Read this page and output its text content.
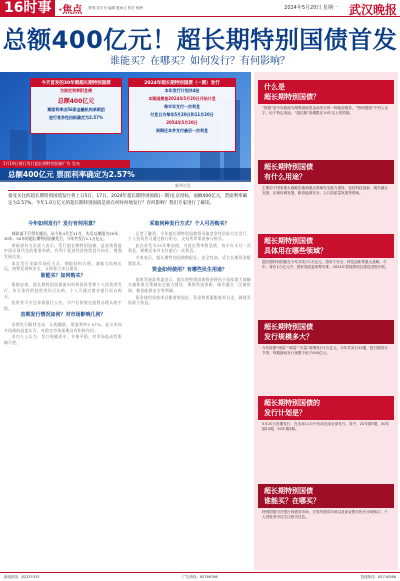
16时事 ·焦点 策划 刘宇舟 编辑 夏雨文 校对 杨洲	2024年5月20日 星期一 武汉晚报
总额400亿元！超长期特别国债首发
谁能买？在哪买？如何发行？有何影响？
今天首发的30年期超长期特别国债
为固定利率附息债
总额400亿元
票面利率由56家金融机构承销团
进行竞争性招标确定为2.57%
2024年超长期特别国债（一期）发行
本年发行计划共4批
本期国债是2024年5月20日开始计息
每半年支付一次利息
付息日为每年5月20日和11月20日
2054年5月20日
到期还本并支付最后一次利息
1月19日银行发行超长期特别国债广告 发布
总额400亿元 票面利率确定为2.57%
新华社发
备受关注的超长期特别国债发行将上日5日，17日，2024年超长期特别国债(一期)在京招标，面额400亿元，票面利率确定为2.57%。今年1.0万亿元的超长期特别国债是谁在何时何地发行？有何影响？我们专家进行了解读。
今年如何发行？发行有何用意？
财政部下行得专题问，从今年4月至11月，先后以期限为20年、30年、50年的超长期特别国债发行，今年共发行1.1万亿元。
财政部有关负责人表示，发行超长期特别国债，是加快推进中国式现代化的重要举措，有利于促进经济持续回升向好，增强发展后劲。
本次发行采取市场化方式，期限结构合理，兼顾当前和长远，统筹发展和安全，支持重大项目建设。
谁能买？如何购买？
根据安排，超长期特别国债面向机构投资者和个人投资者发行，符合条件的投资者均可认购，个人可通过商业银行柜台购买。
投资者可关注承销银行公告，开户后按规定流程办理认购手续。
首期发行情况如何？对市场影响几何？
首期发行顺利完成，认购踊跃，票面利率2.57%，显示市场对国债的高度认可，对稳定市场预期具有积极作用。
业内人士认为，发行规模适中，节奏平稳，对市场流动性影响可控。
采取何种发行方式？个人可否购买？
记者了解到，今年超长期特别国债将采取竞争性招标方式发行，个人投资者可通过银行柜台、交易所等渠道参与购买。
此次首发为30年期国债，为固定利率附息债，每半年支付一次利息，到期还本并支付最后一次利息。
专家表示，超长期特别国债期限长、安全性高，适合长期资金配置需求。
资金如何使用？有哪些民生用途？
国家发展改革委表示，超长期特别国债资金将用于国家重大战略实施和重点领域安全能力建设，聚焦科技创新、城乡融合、区域协调、粮食能源安全等领域。
资金使用坚持项目跟着规划走、资金和要素跟着项目走，确保发挥最大效益。
什么是
超长期特别国债？
“国债”是中央政府为筹集财政资金而发行的一种政府债券，“特别国债”不列入赤字，用于特定用途；“超长期”指期限在10年以上的国债。
超长期特别国债
有什么用途？
主要用于国家重大战略实施和重点领域安全能力建设，包括科技创新、城乡融合发展、区域协调发展、粮食能源安全、人口高质量发展等领域。
超长期特别国债
具体用在哪些领域？
超长期特别国债在今年共发行1万亿元，将用于安全、科技创新等重大战略。今年，将在1万亿元中，国家发改委统筹安排，2024年将按照项目建设进度开展。
超长期特别国债
发行规模多大？
今年按照“储量”“增量”“存量”统筹发行1万亿元，今年共发行22期，按日期发行节奏，每期最低发行规模不低于400亿元。
超长期特别国债的
发行计划是？
5月20日首期发行，在未来11月中旬前完成全部发行。其中，20年期7期、30年期10期、50年期5期。
超长期特别国债
谁能买？在哪买？
特别国债可在银行间债券市场、交易所债券市场以及商业银行柜台市场购买，个人投资者可以关注相关信息。
新闻热线：82333333	广告热线：85766766	投递热线：85716366
